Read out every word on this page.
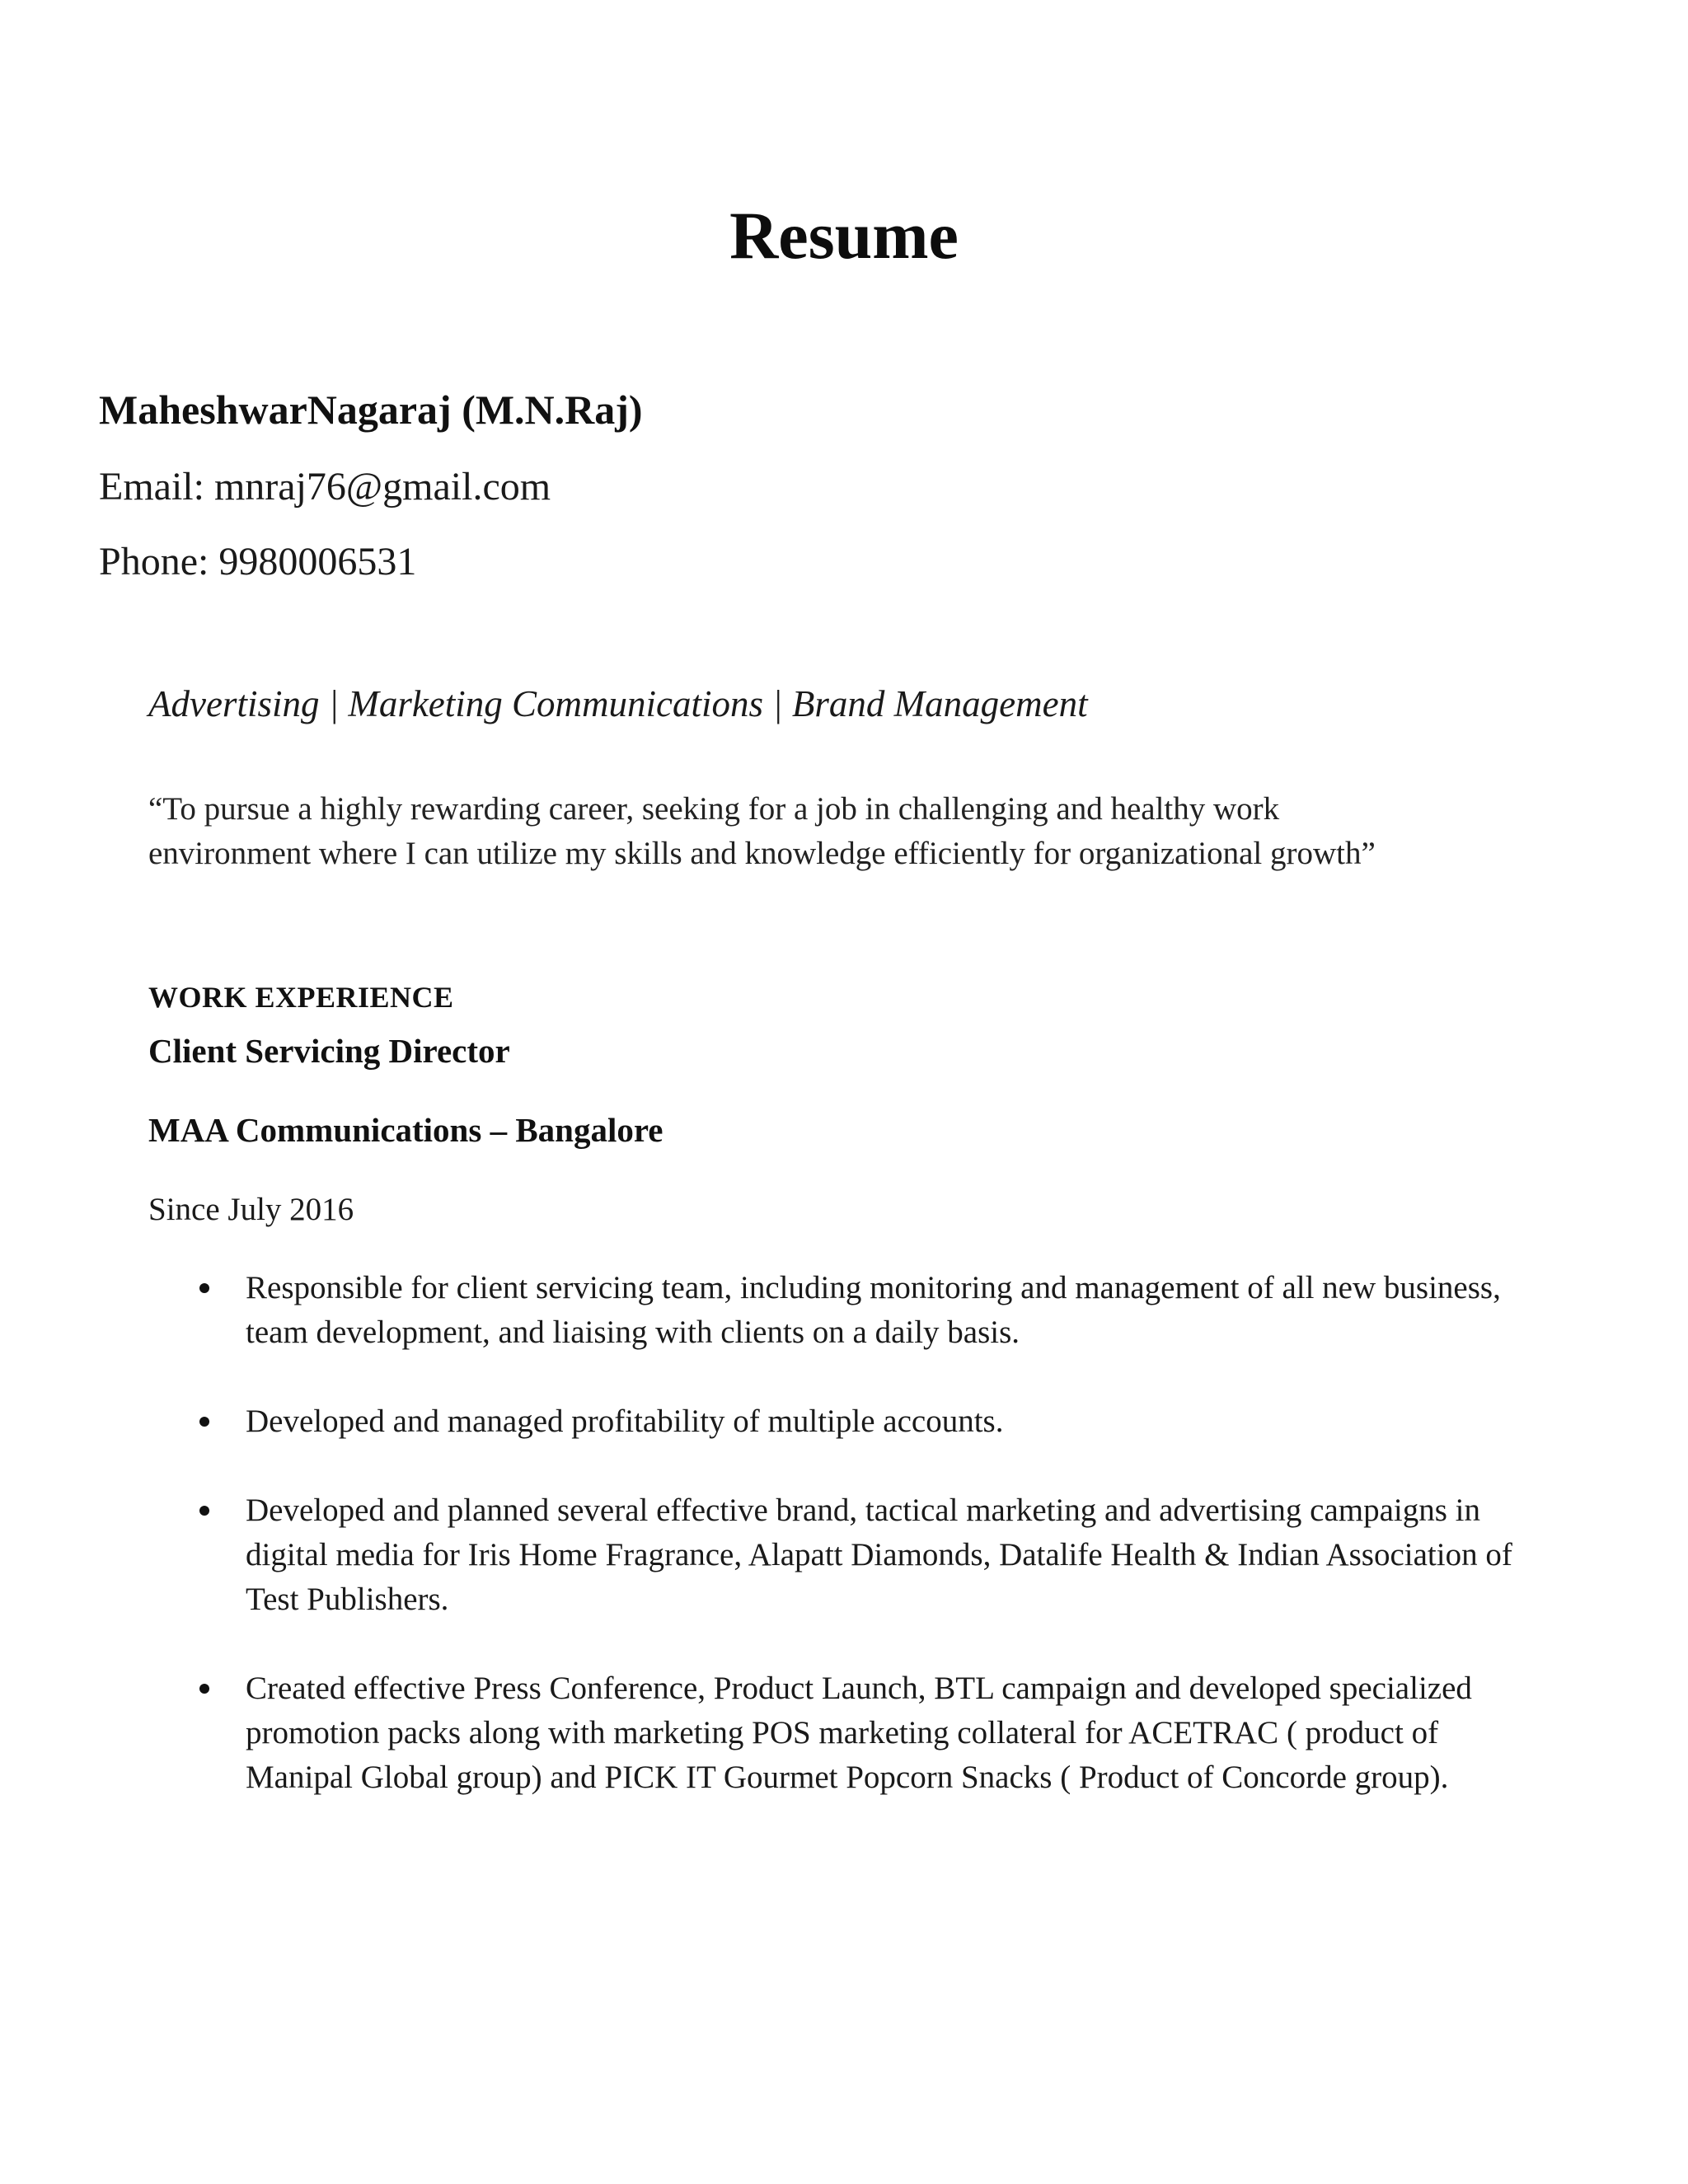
Resume
MaheshwarNagaraj (M.N.Raj)
Email: mnraj76@gmail.com
Phone: 9980006531
Advertising | Marketing Communications | Brand Management

“To pursue a highly rewarding career, seeking for a job in challenging and healthy work environment where I can utilize my skills and knowledge efficiently for organizational growth”

WORK EXPERIENCE
Client Servicing Director
MAA Communications – Bangalore
Since July 2016
Responsible for client servicing team, including monitoring and management of all new business, team development, and liaising with clients on a daily basis.
Developed and managed profitability of multiple accounts.
Developed and planned several effective brand, tactical marketing and advertising campaigns in digital media for Iris Home Fragrance, Alapatt Diamonds, Datalife Health & Indian Association of Test Publishers.
Created effective Press Conference, Product Launch, BTL campaign and developed specialized promotion packs along with marketing POS marketing collateral for ACETRAC ( product of Manipal Global group) and PICK IT Gourmet Popcorn Snacks ( Product of Concorde group).
